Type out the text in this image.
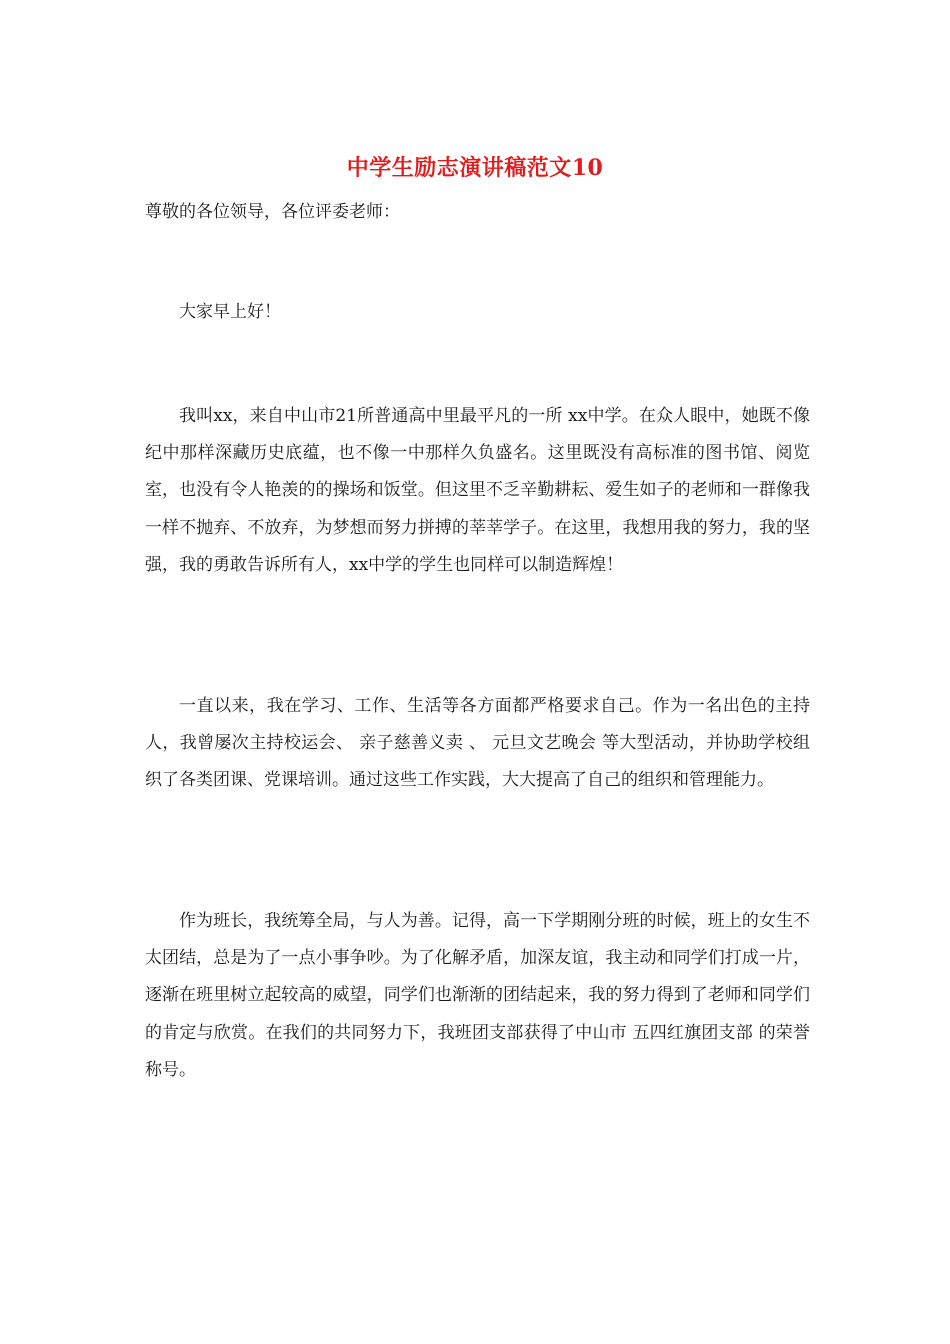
中学生励志演讲稿范文10
尊敬的各位领导，各位评委老师：

大家早上好！

我叫xx，来自中山市21所普通高中里最平凡的一所 xx中学。在众人眼中，她既不像纪中那样深藏历史底蕴，也不像一中那样久负盛名。这里既没有高标准的图书馆、阅览室，也没有令人艳羡的的操场和饭堂。但这里不乏辛勤耕耘、爱生如子的老师和一群像我一样不抛弃、不放弃，为梦想而努力拼搏的莘莘学子。在这里，我想用我的努力，我的坚强，我的勇敢告诉所有人，xx中学的学生也同样可以制造辉煌！

一直以来，我在学习、工作、生活等各方面都严格要求自己。作为一名出色的主持人，我曾屡次主持校运会、 亲子慈善义卖 、 元旦文艺晚会 等大型活动，并协助学校组织了各类团课、党课培训。通过这些工作实践，大大提高了自己的组织和管理能力。

作为班长，我统筹全局，与人为善。记得，高一下学期刚分班的时候，班上的女生不太团结，总是为了一点小事争吵。为了化解矛盾，加深友谊，我主动和同学们打成一片，逐渐在班里树立起较高的威望，同学们也渐渐的团结起来，我的努力得到了老师和同学们的肯定与欣赏。在我们的共同努力下，我班团支部获得了中山市 五四红旗团支部 的荣誉称号。
